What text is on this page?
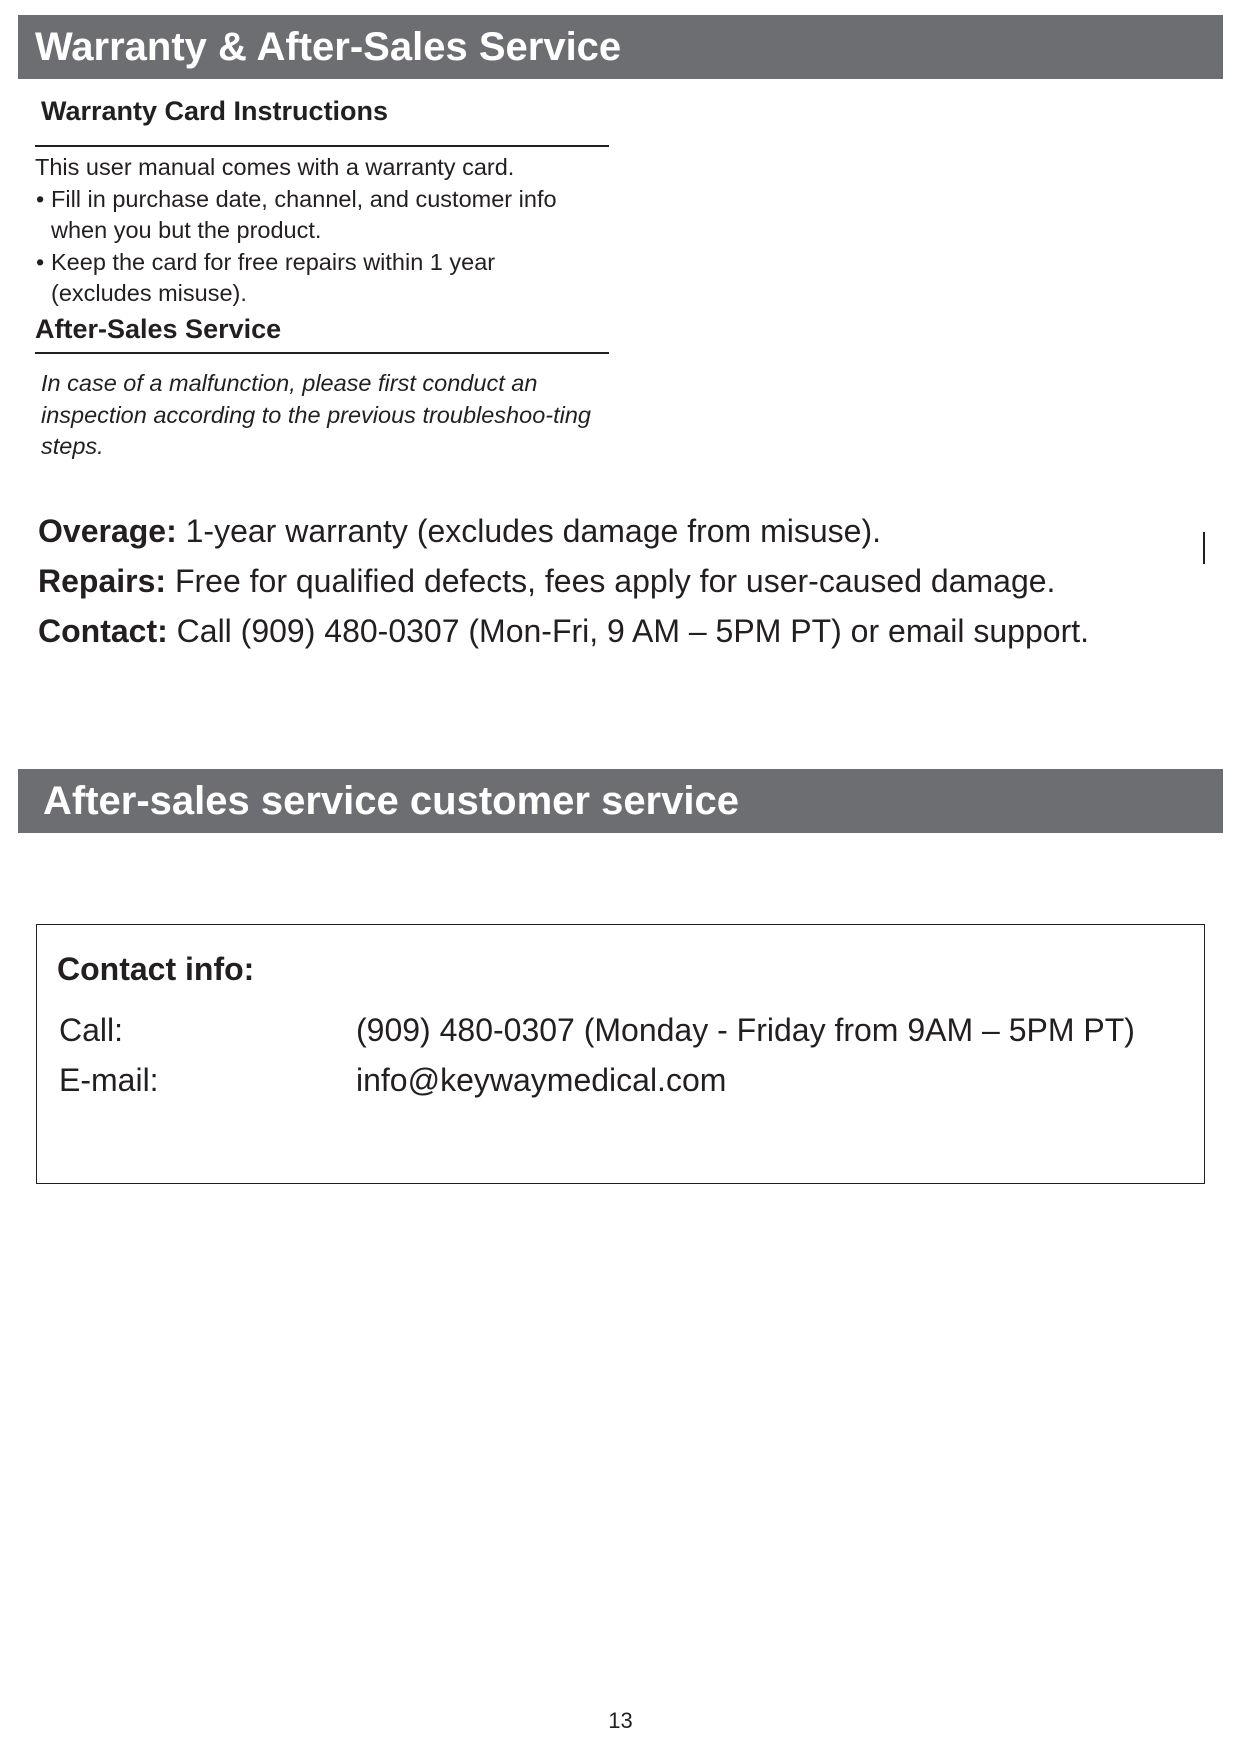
Warranty & After-Sales Service
Warranty Card Instructions

This user manual comes with a warranty card.

• Fill in purchase date, channel, and customer info when you but the product.
• Keep the card for free repairs within 1 year (excludes misuse).
After-Sales Service
In case of a malfunction, please first conduct an inspection according to the previous troubleshoo-ting steps.
Overage: 1-year warranty (excludes damage from misuse).
Repairs: Free for qualified defects, fees apply for user-caused damage.
Contact: Call (909) 480-0307 (Mon-Fri, 9 AM – 5PM PT) or email support.
After-sales service customer service
Contact info:
Call:	(909) 480-0307 (Monday - Friday from 9AM – 5PM PT)
E-mail:	info@keywaymedical.com
13
